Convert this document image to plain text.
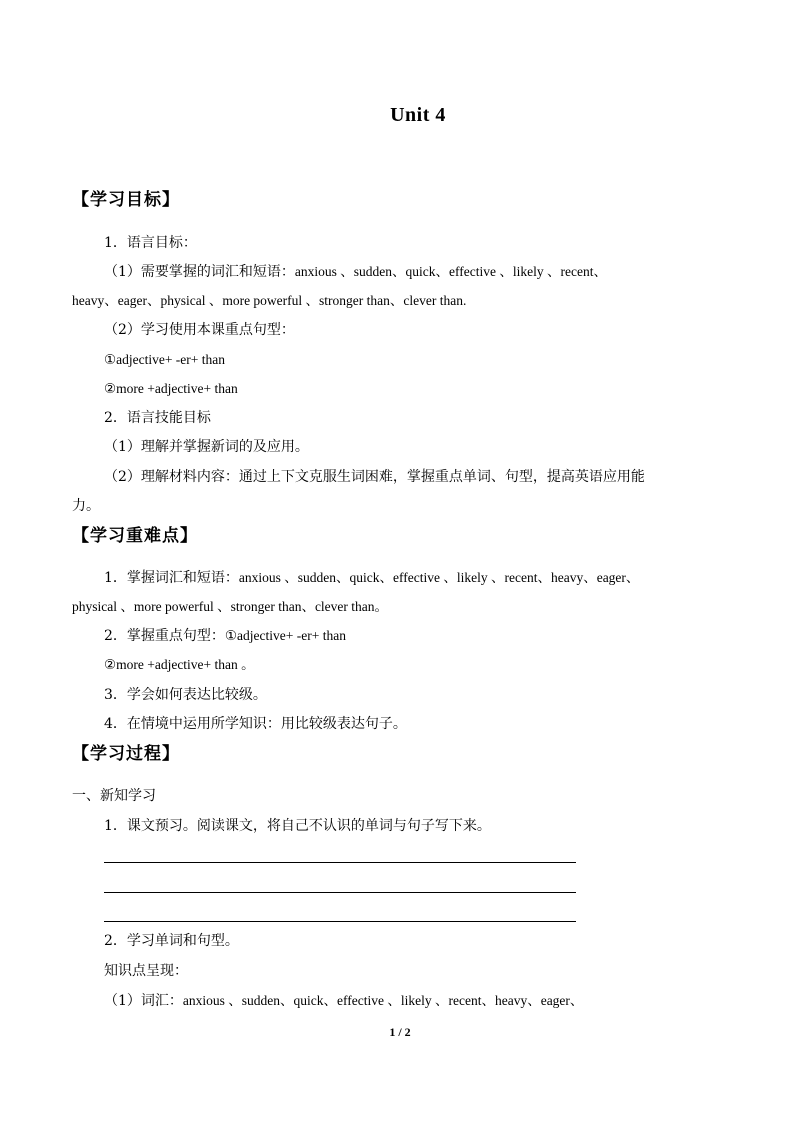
Unit 4
【学习目标】
1．语言目标：
（1）需要掌握的词汇和短语：anxious 、sudden、quick、effective 、likely 、recent、
heavy、eager、physical 、more powerful 、stronger than、clever than.
（2）学习使用本课重点句型：
①adjective+ -er+ than
②more +adjective+ than
2．语言技能目标
（1）理解并掌握新词的及应用。
（2）理解材料内容：通过上下文克服生词困难，掌握重点单词、句型，提高英语应用能
力。
【学习重难点】
1．掌握词汇和短语：anxious 、sudden、quick、effective 、likely 、recent、heavy、eager、
physical 、more powerful 、stronger than、clever than。
2．掌握重点句型：①adjective+ -er+ than
②more +adjective+ than 。
3．学会如何表达比较级。
4．在情境中运用所学知识：用比较级表达句子。
【学习过程】
一、新知学习
1．课文预习。阅读课文，将自己不认识的单词与句子写下来。
2．学习单词和句型。
知识点呈现：
（1）词汇：anxious 、sudden、quick、effective 、likely 、recent、heavy、eager、
1 / 2
